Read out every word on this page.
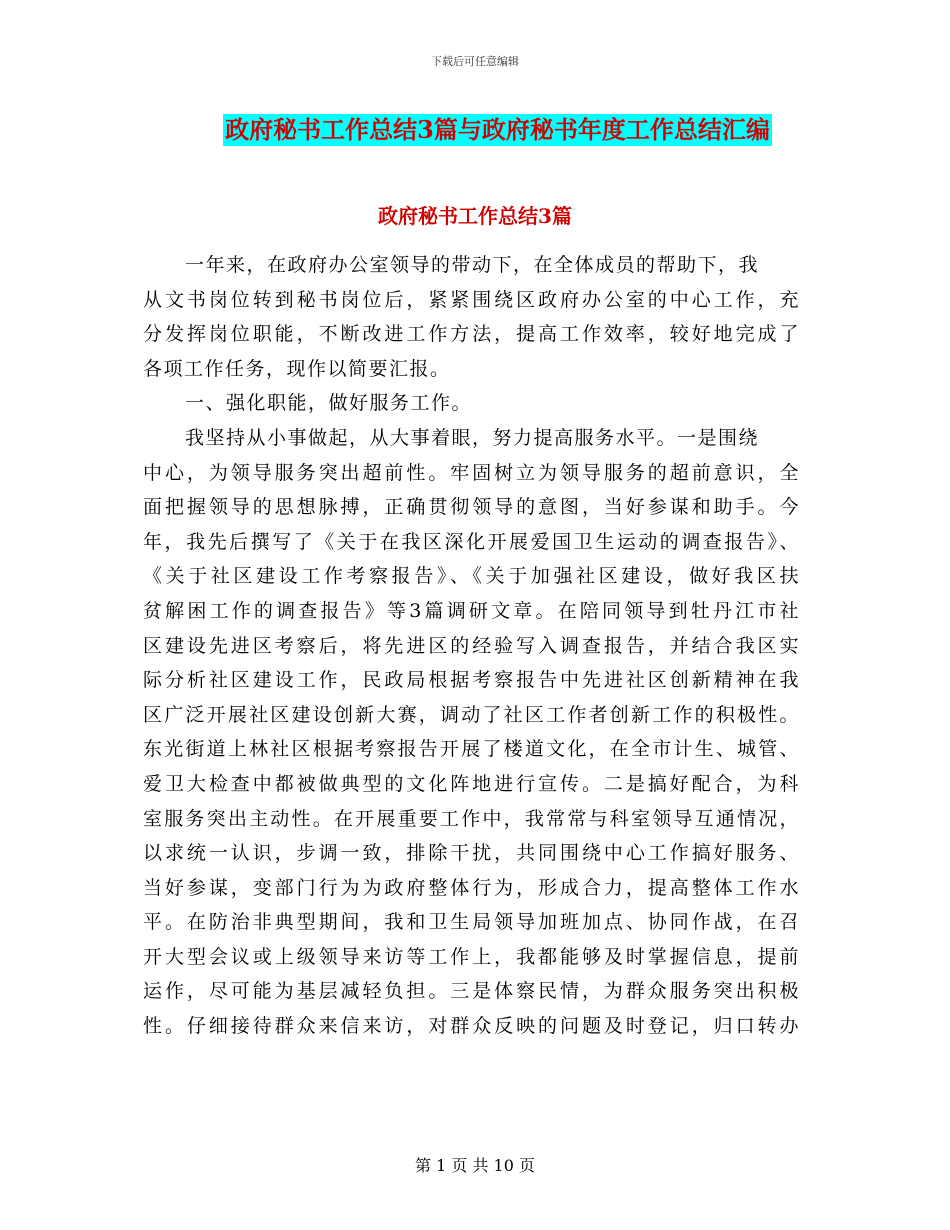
下载后可任意编辑
政府秘书工作总结3篇与政府秘书年度工作总结汇编
政府秘书工作总结3篇
一年来，在政府办公室领导的带动下，在全体成员的帮助下，我
从文书岗位转到秘书岗位后，紧紧围绕区政府办公室的中心工作，充
分发挥岗位职能，不断改进工作方法，提高工作效率，较好地完成了
各项工作任务，现作以简要汇报。
一、强化职能，做好服务工作。
我坚持从小事做起，从大事着眼，努力提高服务水平。一是围绕
中心，为领导服务突出超前性。牢固树立为领导服务的超前意识，全
面把握领导的思想脉搏，正确贯彻领导的意图，当好参谋和助手。今
年，我先后撰写了《关于在我区深化开展爱国卫生运动的调查报告》、
《关于社区建设工作考察报告》、《关于加强社区建设，做好我区扶
贫解困工作的调查报告》等3篇调研文章。在陪同领导到牡丹江市社
区建设先进区考察后，将先进区的经验写入调查报告，并结合我区实
际分析社区建设工作，民政局根据考察报告中先进社区创新精神在我
区广泛开展社区建设创新大赛，调动了社区工作者创新工作的积极性。
东光街道上林社区根据考察报告开展了楼道文化，在全市计生、城管、
爱卫大检查中都被做典型的文化阵地进行宣传。二是搞好配合，为科
室服务突出主动性。在开展重要工作中，我常常与科室领导互通情况，
以求统一认识，步调一致，排除干扰，共同围绕中心工作搞好服务、
当好参谋，变部门行为为政府整体行为，形成合力，提高整体工作水
平。在防治非典型期间，我和卫生局领导加班加点、协同作战，在召
开大型会议或上级领导来访等工作上，我都能够及时掌握信息，提前
运作，尽可能为基层减轻负担。三是体察民情，为群众服务突出积极
性。仔细接待群众来信来访，对群众反映的问题及时登记，归口转办
第 1 页 共 10 页
